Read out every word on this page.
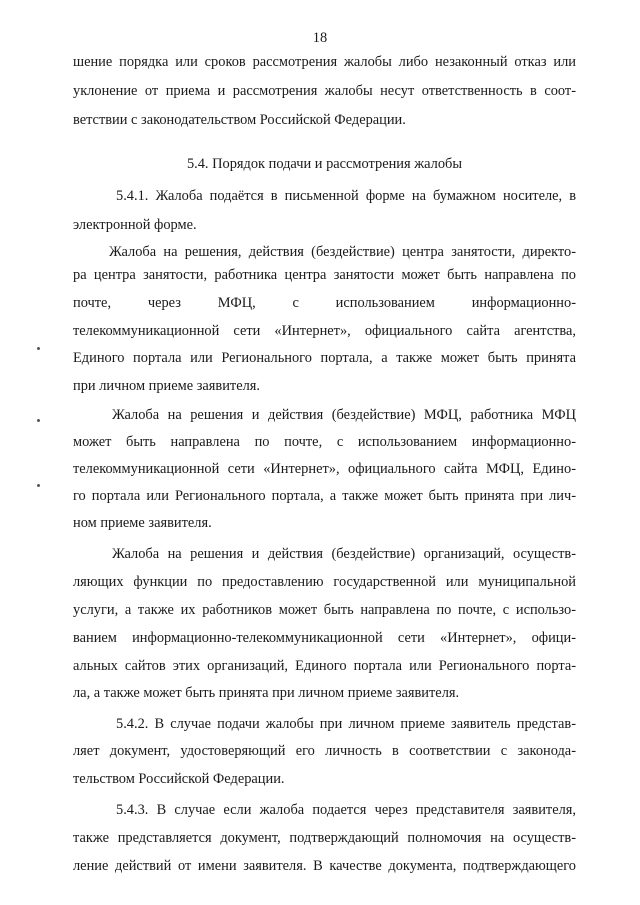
18
шение порядка или сроков рассмотрения жалобы либо незаконный отказ или
уклонение от приема и рассмотрения жалобы несут ответственность в соот-
ветствии с законодательством Российской Федерации.
5.4. Порядок подачи и рассмотрения жалобы
5.4.1. Жалоба подаётся в письменной форме на бумажном носителе, в
электронной форме.
Жалоба на решения, действия (бездействие) центра занятости, директо-
ра центра занятости, работника центра занятости может быть направлена по
почте, через МФЦ, с использованием информационно-
телекоммуникационной сети «Интернет», официального сайта агентства,
Единого портала или Регионального портала, а также может быть принята
при личном приеме заявителя.
Жалоба на решения и действия (бездействие) МФЦ, работника МФЦ
может быть направлена по почте, с использованием информационно-
телекоммуникационной сети «Интернет», официального сайта МФЦ, Едино-
го портала или Регионального портала, а также может быть принята при лич-
ном приеме заявителя.
Жалоба на решения и действия (бездействие) организаций, осуществ-
ляющих функции по предоставлению государственной или муниципальной
услуги, а также их работников может быть направлена по почте, с использо-
ванием информационно-телекоммуникационной сети «Интернет», офици-
альных сайтов этих организаций, Единого портала или Регионального порта-
ла, а также может быть принята при личном приеме заявителя.
5.4.2. В случае подачи жалобы при личном приеме заявитель представ-
ляет документ, удостоверяющий его личность в соответствии с законода-
тельством Российской Федерации.
5.4.3. В случае если жалоба подается через представителя заявителя,
также представляется документ, подтверждающий полномочия на осуществ-
ление действий от имени заявителя. В качестве документа, подтверждающего
